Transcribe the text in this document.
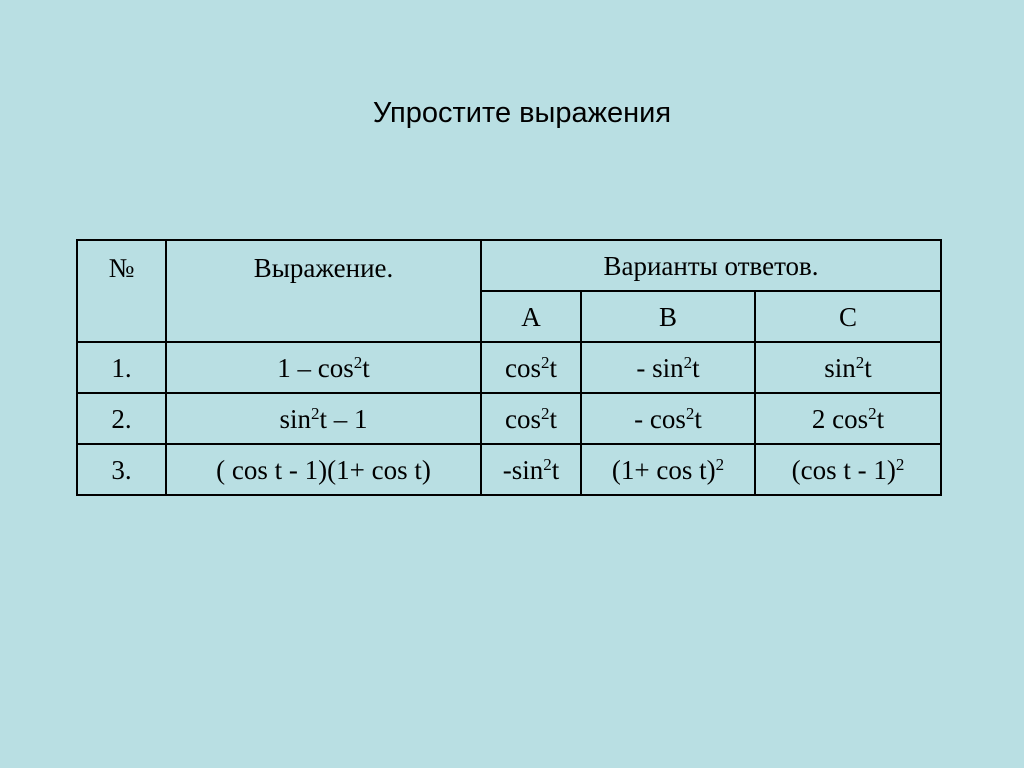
Упростите выражения
№	Выражение.	Варианты ответов.		
		A	B	C
1.	$1 - \cos^2t$	$\cos^2t$	- $\sin^2t$	$\sin^2t$
2.	$\sin^2t - 1$	$\cos^2t$	- $\cos^2t$	2 $\cos^2t$
3.	( cos t - 1)(1+ cos t)	$-\sin^2t$	$(1+ \cos t)^2$	(cos t - 1)$^2$
